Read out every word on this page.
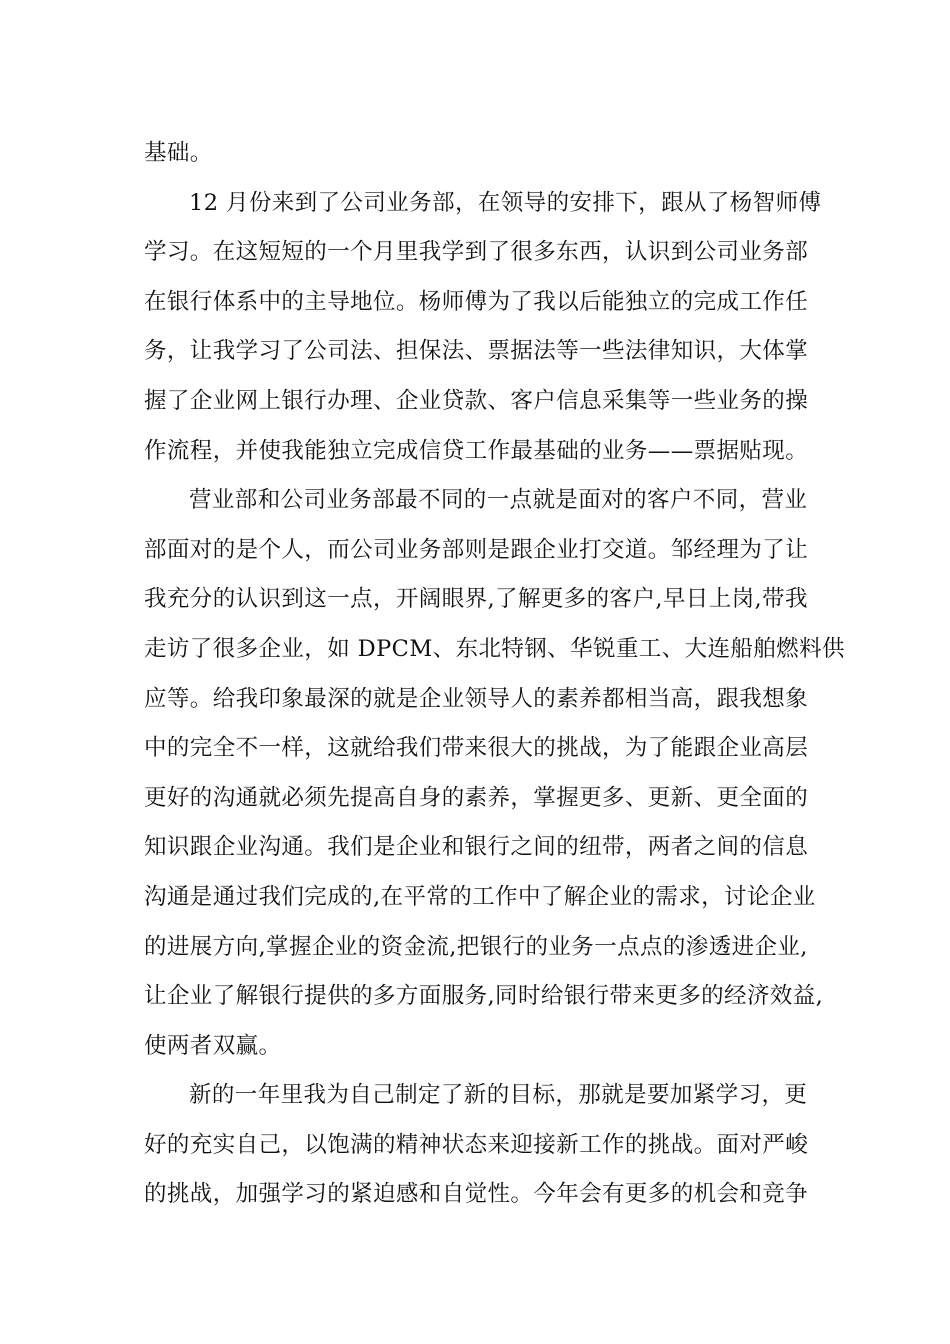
基础。

12 月份来到了公司业务部，在领导的安排下，跟从了杨智师傅
学习。在这短短的一个月里我学到了很多东西，认识到公司业务部
在银行体系中的主导地位。杨师傅为了我以后能独立的完成工作任
务，让我学习了公司法、担保法、票据法等一些法律知识，大体掌
握了企业网上银行办理、企业贷款、客户信息采集等一些业务的操
作流程，并使我能独立完成信贷工作最基础的业务——票据贴现。

营业部和公司业务部最不同的一点就是面对的客户不同，营业
部面对的是个人，而公司业务部则是跟企业打交道。邹经理为了让
我充分的认识到这一点，开阔眼界,了解更多的客户,早日上岗,带我
走访了很多企业，如 DPCM、东北特钢、华锐重工、大连船舶燃料供
应等。给我印象最深的就是企业领导人的素养都相当高，跟我想象
中的完全不一样，这就给我们带来很大的挑战，为了能跟企业高层
更好的沟通就必须先提高自身的素养，掌握更多、更新、更全面的
知识跟企业沟通。我们是企业和银行之间的纽带，两者之间的信息
沟通是通过我们完成的,在平常的工作中了解企业的需求，讨论企业
的进展方向,掌握企业的资金流,把银行的业务一点点的渗透进企业,
让企业了解银行提供的多方面服务,同时给银行带来更多的经济效益,
使两者双赢。

新的一年里我为自己制定了新的目标，那就是要加紧学习，更
好的充实自己，以饱满的精神状态来迎接新工作的挑战。面对严峻
的挑战，加强学习的紧迫感和自觉性。今年会有更多的机会和竞争
